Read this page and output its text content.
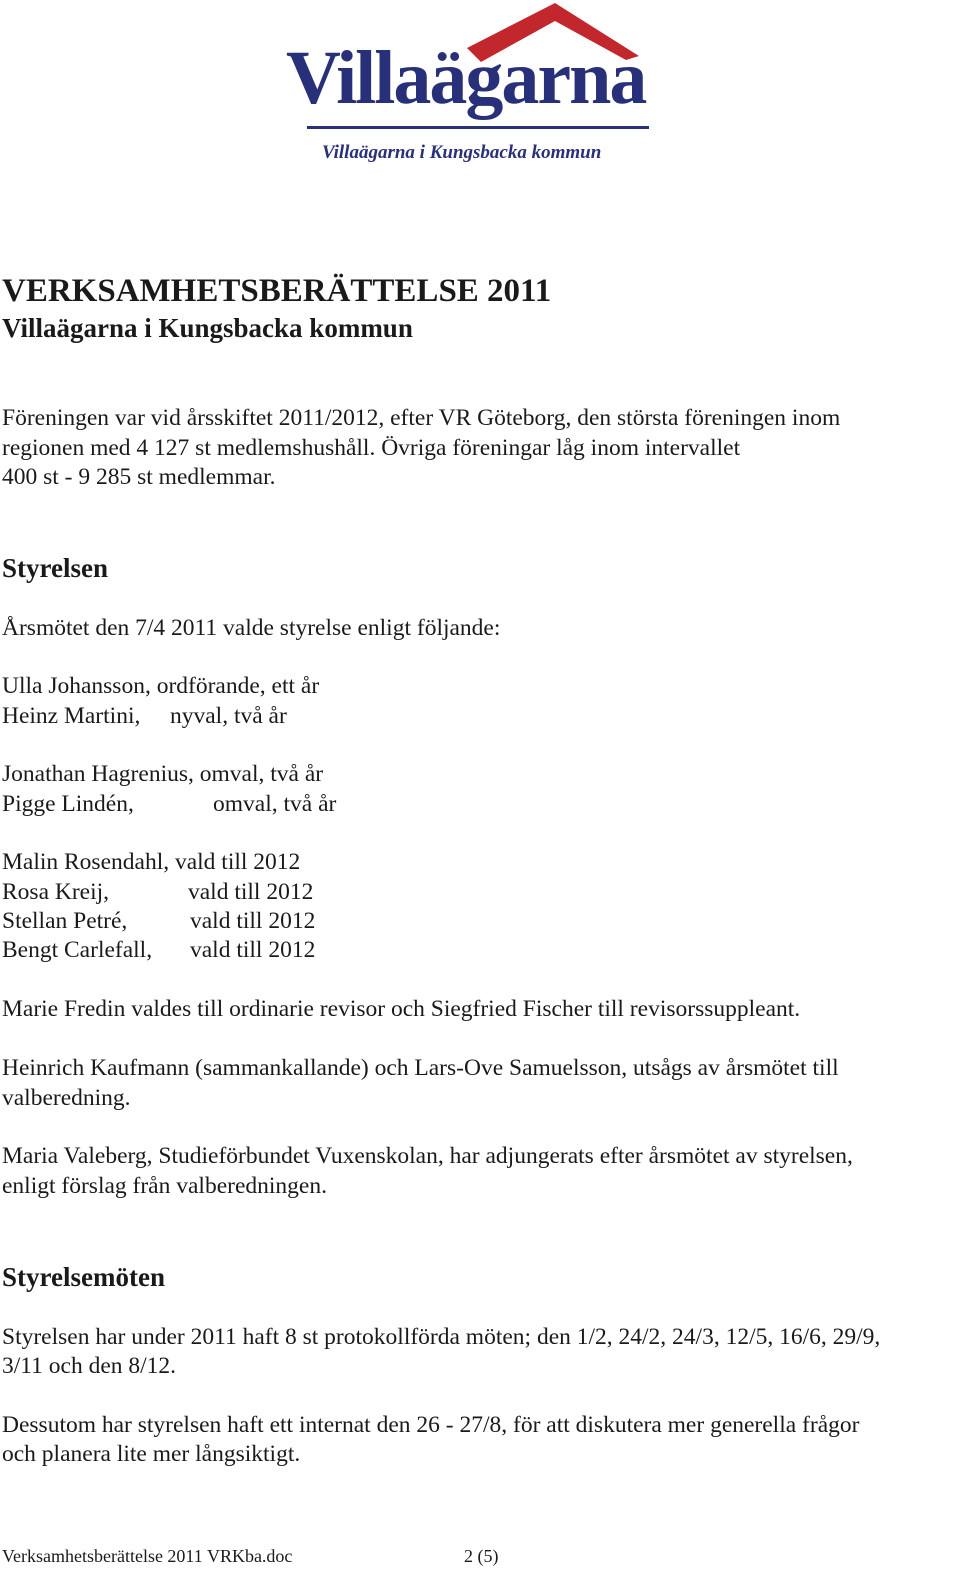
Villaägarna
Villaägarna i Kungsbacka kommun
VERKSAMHETSBERÄTTELSE 2011
Villaägarna i Kungsbacka kommun
Föreningen var vid årsskiftet 2011/2012, efter VR Göteborg, den största föreningen inom
regionen med 4 127 st medlemshushåll. Övriga föreningar låg inom intervallet
400 st - 9 285 st medlemmar.
Styrelsen
Årsmötet den 7/4 2011 valde styrelse enligt följande:
Ulla Johansson, ordförande, ett år
Heinz Martini, nyval, två år
Jonathan Hagrenius, omval, två år
Pigge Lindén,	omval, två år
Malin Rosendahl, vald till 2012
Rosa Kreij,	vald till 2012
Stellan Petré,	vald till 2012
Bengt Carlefall, vald till 2012
Marie Fredin valdes till ordinarie revisor och Siegfried Fischer till revisorssuppleant.
Heinrich Kaufmann (sammankallande) och Lars-Ove Samuelsson, utsågs av årsmötet till
valberedning.
Maria Valeberg, Studieförbundet Vuxenskolan, har adjungerats efter årsmötet av styrelsen,
enligt förslag från valberedningen.
Styrelsemöten
Styrelsen har under 2011 haft 8 st protokollförda möten; den 1/2, 24/2, 24/3, 12/5, 16/6, 29/9,
3/11 och den 8/12.
Dessutom har styrelsen haft ett internat den 26 - 27/8, för att diskutera mer generella frågor
och planera lite mer långsiktigt.
Verksamhetsberättelse 2011 VRKba.doc	2 (5)
